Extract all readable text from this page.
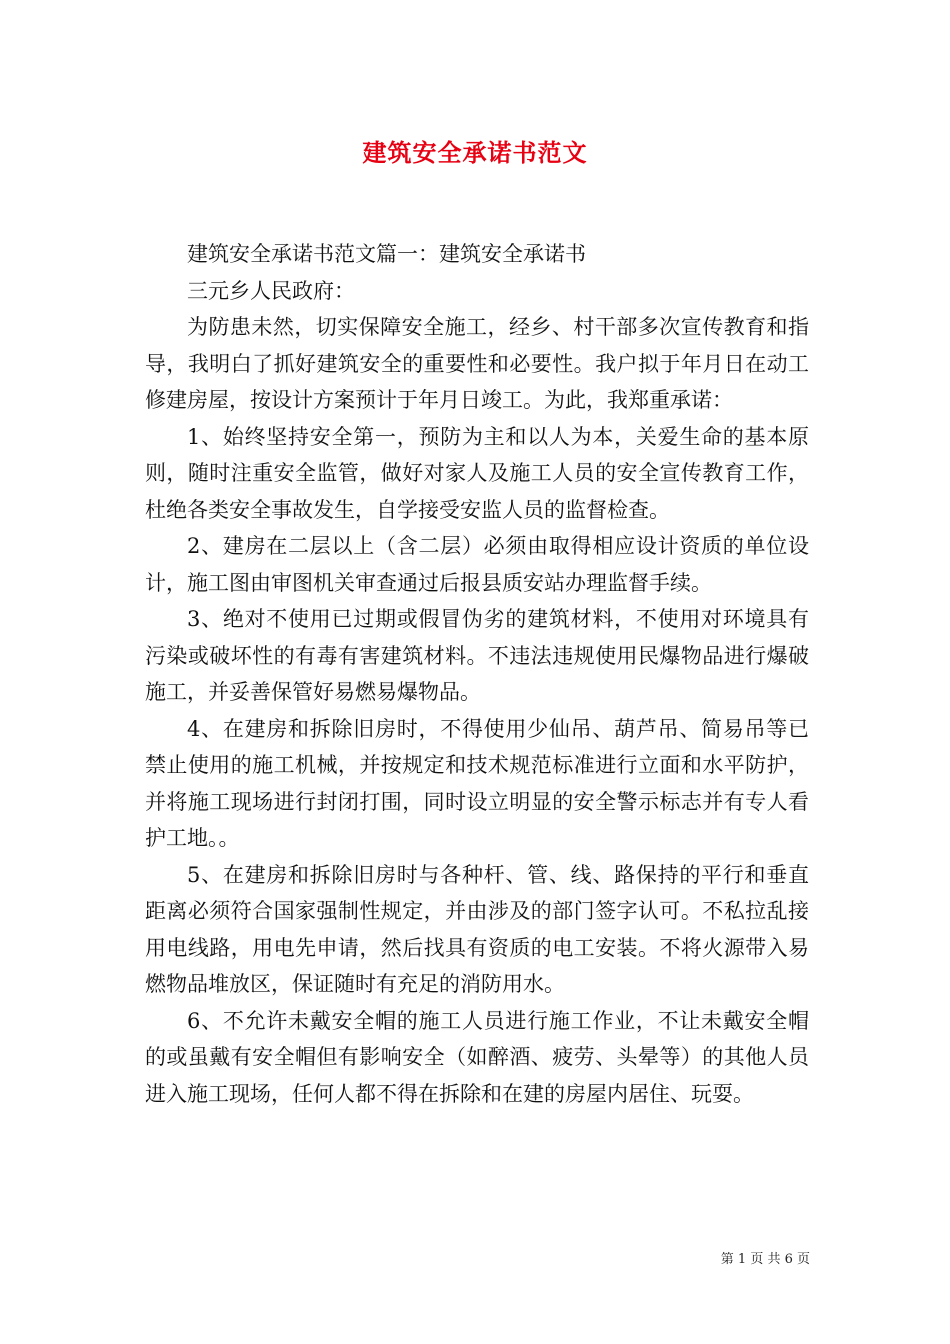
建筑安全承诺书范文

建筑安全承诺书范文篇一：建筑安全承诺书

三元乡人民政府：

为防患未然，切实保障安全施工，经乡、村干部多次宣传教育和指导，我明白了抓好建筑安全的重要性和必要性。我户拟于年月日在动工修建房屋，按设计方案预计于年月日竣工。为此，我郑重承诺：

1、始终坚持安全第一，预防为主和以人为本，关爱生命的基本原则，随时注重安全监管，做好对家人及施工人员的安全宣传教育工作，杜绝各类安全事故发生，自学接受安监人员的监督检查。

2、建房在二层以上（含二层）必须由取得相应设计资质的单位设计，施工图由审图机关审查通过后报县质安站办理监督手续。

3、绝对不使用已过期或假冒伪劣的建筑材料，不使用对环境具有污染或破坏性的有毒有害建筑材料。不违法违规使用民爆物品进行爆破施工，并妥善保管好易燃易爆物品。

4、在建房和拆除旧房时，不得使用少仙吊、葫芦吊、简易吊等已禁止使用的施工机械，并按规定和技术规范标准进行立面和水平防护，并将施工现场进行封闭打围，同时设立明显的安全警示标志并有专人看护工地。。

5、在建房和拆除旧房时与各种杆、管、线、路保持的平行和垂直距离必须符合国家强制性规定，并由涉及的部门签字认可。不私拉乱接用电线路，用电先申请，然后找具有资质的电工安装。不将火源带入易燃物品堆放区，保证随时有充足的消防用水。

6、不允许未戴安全帽的施工人员进行施工作业，不让未戴安全帽的或虽戴有安全帽但有影响安全（如醉酒、疲劳、头晕等）的其他人员进入施工现场，任何人都不得在拆除和在建的房屋内居住、玩耍。

第 1 页 共 6 页
